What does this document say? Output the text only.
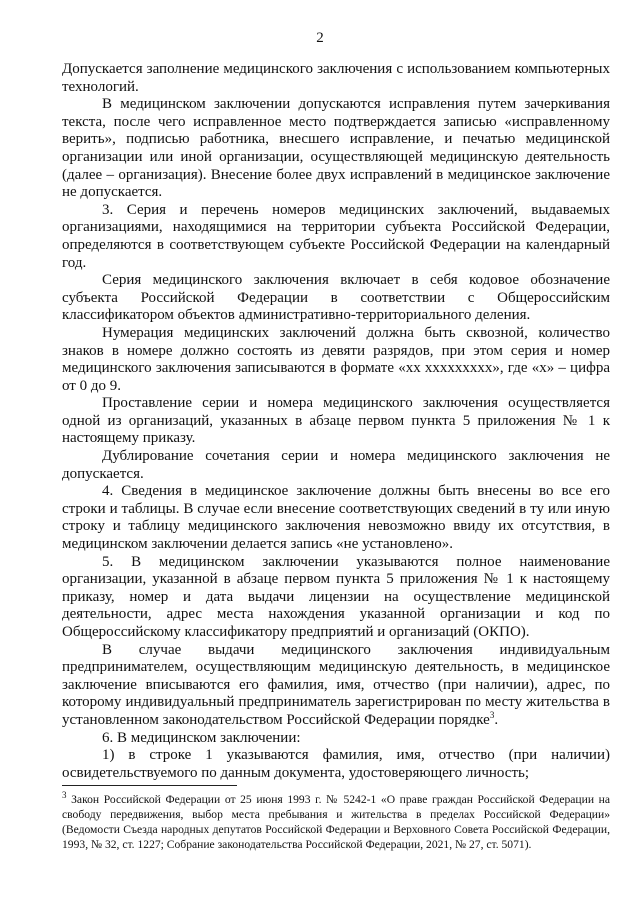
2

Допускается заполнение медицинского заключения с использованием компьютерных технологий.

В медицинском заключении допускаются исправления путем зачеркивания текста, после чего исправленное место подтверждается записью «исправленному верить», подписью работника, внесшего исправление, и печатью медицинской организации или иной организации, осуществляющей медицинскую деятельность (далее – организация). Внесение более двух исправлений в медицинское заключение не допускается.

3. Серия и перечень номеров медицинских заключений, выдаваемых организациями, находящимися на территории субъекта Российской Федерации, определяются в соответствующем субъекте Российской Федерации на календарный год.

Серия медицинского заключения включает в себя кодовое обозначение субъекта Российской Федерации в соответствии с Общероссийским классификатором объектов административно-территориального деления.

Нумерация медицинских заключений должна быть сквозной, количество знаков в номере должно состоять из девяти разрядов, при этом серия и номер медицинского заключения записываются в формате «хх ххххххххх», где «х» – цифра от 0 до 9.

Проставление серии и номера медицинского заключения осуществляется одной из организаций, указанных в абзаце первом пункта 5 приложения № 1 к настоящему приказу.

Дублирование сочетания серии и номера медицинского заключения не допускается.

4. Сведения в медицинское заключение должны быть внесены во все его строки и таблицы. В случае если внесение соответствующих сведений в ту или иную строку и таблицу медицинского заключения невозможно ввиду их отсутствия, в медицинском заключении делается запись «не установлено».

5. В медицинском заключении указываются полное наименование организации, указанной в абзаце первом пункта 5 приложения № 1 к настоящему приказу, номер и дата выдачи лицензии на осуществление медицинской деятельности, адрес места нахождения указанной организации и код по Общероссийскому классификатору предприятий и организаций (ОКПО).

В случае выдачи медицинского заключения индивидуальным предпринимателем, осуществляющим медицинскую деятельность, в медицинское заключение вписываются его фамилия, имя, отчество (при наличии), адрес, по которому индивидуальный предприниматель зарегистрирован по месту жительства в установленном законодательством Российской Федерации порядке$^3$.

6. В медицинском заключении:

1) в строке 1 указываются фамилия, имя, отчество (при наличии) освидетельствуемого по данным документа, удостоверяющего личность;

$^3$ Закон Российской Федерации от 25 июня 1993 г. № 5242-1 «О праве граждан Российской Федерации на свободу передвижения, выбор места пребывания и жительства в пределах Российской Федерации» (Ведомости Съезда народных депутатов Российской Федерации и Верховного Совета Российской Федерации, 1993, № 32, ст. 1227; Собрание законодательства Российской Федерации, 2021, № 27, ст. 5071).
